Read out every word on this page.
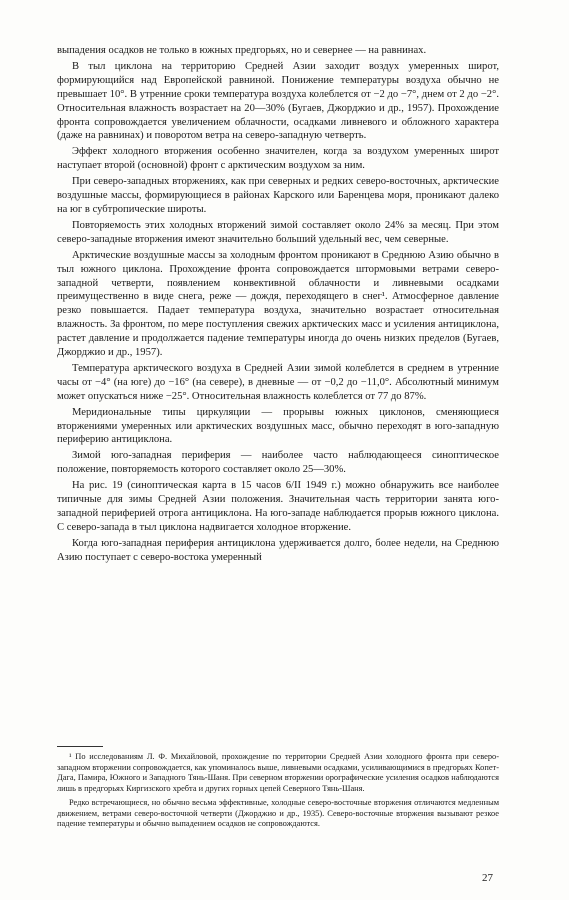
выпадения осадков не только в южных предгорьях, но и севернее — на равнинах.

В тыл циклона на территорию Средней Азии заходит воздух умеренных широт, формирующийся над Европейской равниной. Понижение температуры воздуха обычно не превышает 10°. В утренние сроки температура воздуха колеблется от −2 до −7°, днем от 2 до −2°. Относительная влажность возрастает на 20—30% (Бугаев, Джорджио и др., 1957). Прохождение фронта сопровождается увеличением облачности, осадками ливневого и обложного характера (даже на равнинах) и поворотом ветра на северо-западную четверть.

Эффект холодного вторжения особенно значителен, когда за воздухом умеренных широт наступает второй (основной) фронт с арктическим воздухом за ним.

При северо-западных вторжениях, как при северных и редких северо-восточных, арктические воздушные массы, формирующиеся в районах Карского или Баренцева моря, проникают далеко на юг в субтропические широты.

Повторяемость этих холодных вторжений зимой составляет около 24% за месяц. При этом северо-западные вторжения имеют значительно больший удельный вес, чем северные.

Арктические воздушные массы за холодным фронтом проникают в Среднюю Азию обычно в тыл южного циклона. Прохождение фронта сопровождается штормовыми ветрами северо-западной четверти, появлением конвективной облачности и ливневыми осадками преимущественно в виде снега, реже — дождя, переходящего в снег¹. Атмосферное давление резко повышается. Падает температура воздуха, значительно возрастает относительная влажность. За фронтом, по мере поступления свежих арктических масс и усиления антициклона, растет давление и продолжается падение температуры иногда до очень низких пределов (Бугаев, Джорджио и др., 1957).

Температура арктического воздуха в Средней Азии зимой колеблется в среднем в утренние часы от −4° (на юге) до −16° (на севере), в дневные — от −0,2 до −11,0°. Абсолютный минимум может опускаться ниже −25°. Относительная влажность колеблется от 77 до 87%.

Меридиональные типы циркуляции — прорывы южных циклонов, сменяющиеся вторжениями умеренных или арктических воздушных масс, обычно переходят в юго-западную периферию антициклона.

Зимой юго-западная периферия — наиболее часто наблюдающееся синоптическое положение, повторяемость которого составляет около 25—30%.

На рис. 19 (синоптическая карта в 15 часов 6/II 1949 г.) можно обнаружить все наиболее типичные для зимы Средней Азии положения. Значительная часть территории занята юго-западной периферией отрога антициклона. На юго-западе наблюдается прорыв южного циклона. С северо-запада в тыл циклона надвигается холодное вторжение.

Когда юго-западная периферия антициклона удерживается долго, более недели, на Среднюю Азию поступает с северо-востока умеренный

¹ По исследованиям Л. Ф. Михайловой, прохождение по территории Средней Азии холодного фронта при северо-западном вторжении сопровождается, как упоминалось выше, ливневыми осадками, усиливающимися в предгорьях Копет-Дага, Памира, Южного и Западного Тянь-Шаня. При северном вторжении орографические усиления осадков наблюдаются лишь в предгорьях Киргизского хребта и других горных цепей Северного Тянь-Шаня.

Редко встречающиеся, но обычно весьма эффективные, холодные северо-восточные вторжения отличаются медленным движением, ветрами северо-восточной четверти (Джорджио и др., 1935). Северо-восточные вторжения вызывают резкое падение температуры и обычно выпадением осадков не сопровождаются.

27
